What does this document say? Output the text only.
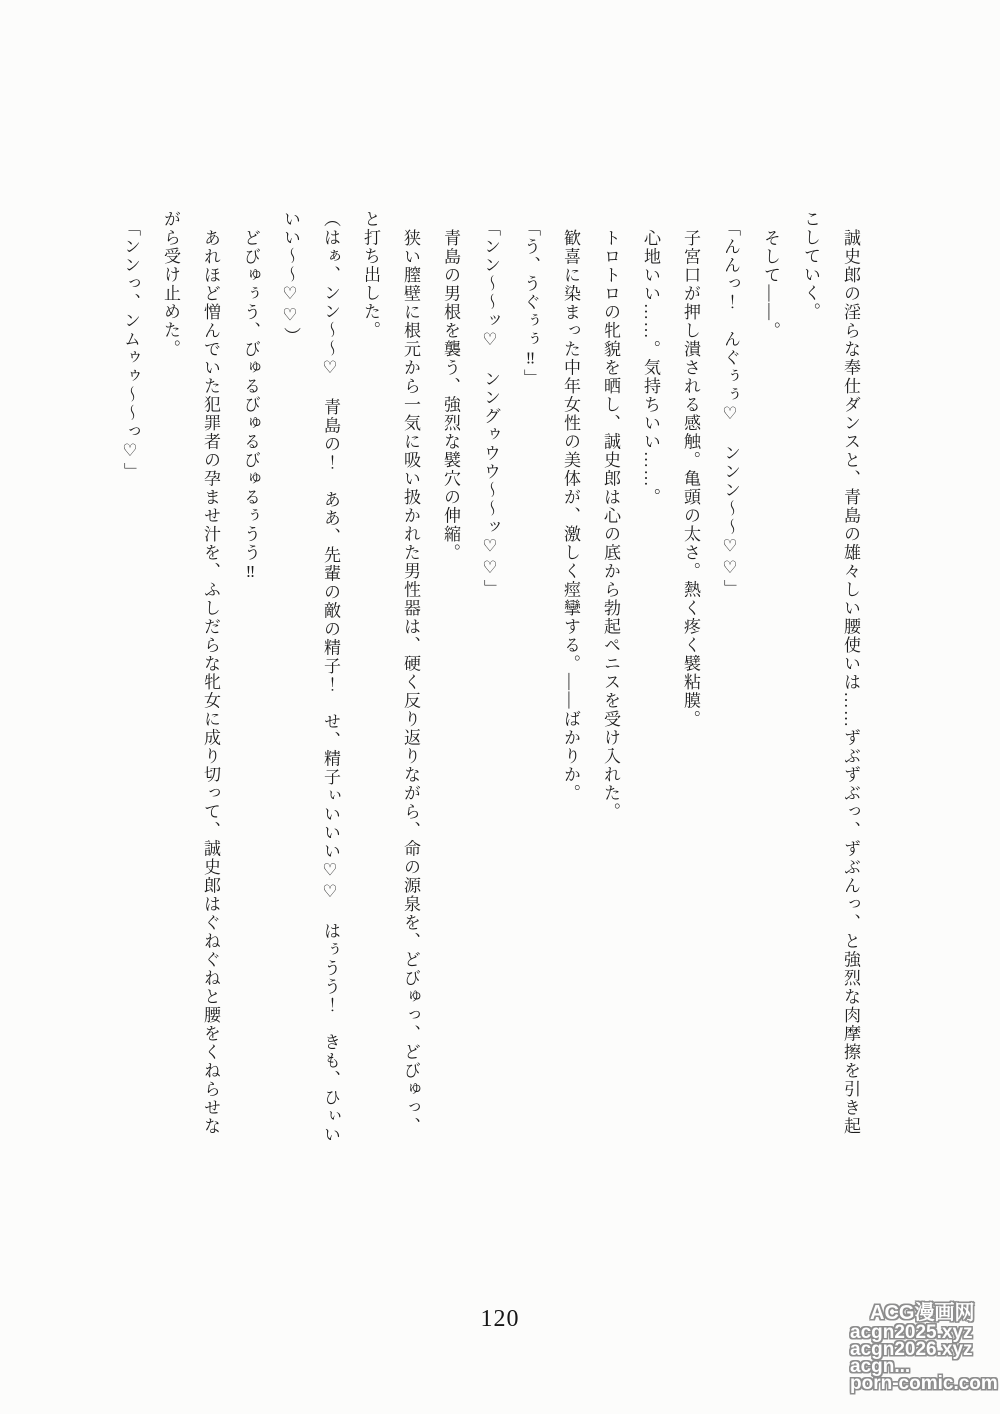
誠史郎の淫らな奉仕ダンスと、青島の雄々しい腰使いは……ずぶずぶっ、ずぶんっ、と強烈な肉摩擦を引き起

こしていく。

そして――。

「んんっ！　んぐぅぅ♡　ンンン～～♡♡」

子宮口が押し潰される感触。亀頭の太さ。熱く疼く襞粘膜。

心地いい……。気持ちいい……。

トロトロの牝貌を晒し、誠史郎は心の底から勃起ペニスを受け入れた。

歓喜に染まった中年女性の美体が、激しく痙攣する。――ばかりか。

「う、うぐぅぅ‼」

「ンン～～ッ♡　ンングゥウウ～～ッ♡♡」

青島の男根を襲う、強烈な襞穴の伸縮。

狭い膣壁に根元から一気に吸い扱かれた男性器は、硬く反り返りながら、命の源泉を、どびゅっ、どびゅっ、

と打ち出した。

（はぁ、ンン～～♡　青島の！　ああ、先輩の敵の精子！　せ、精子ぃいいい♡♡　はぅうう！　きも、ひぃい

いい～～♡♡）

どびゅぅう、びゅるびゅるびゅるぅうう‼

あれほど憎んでいた犯罪者の孕ませ汁を、ふしだらな牝女に成り切って、誠史郎はぐねぐねと腰をくねらせな

がら受け止めた。

「ンンっ、ンムゥゥ～～っ♡」

120	ACG漫画网
acgn2025.xyz
acgn2026.xyz
acgn...
porn-comic.com
